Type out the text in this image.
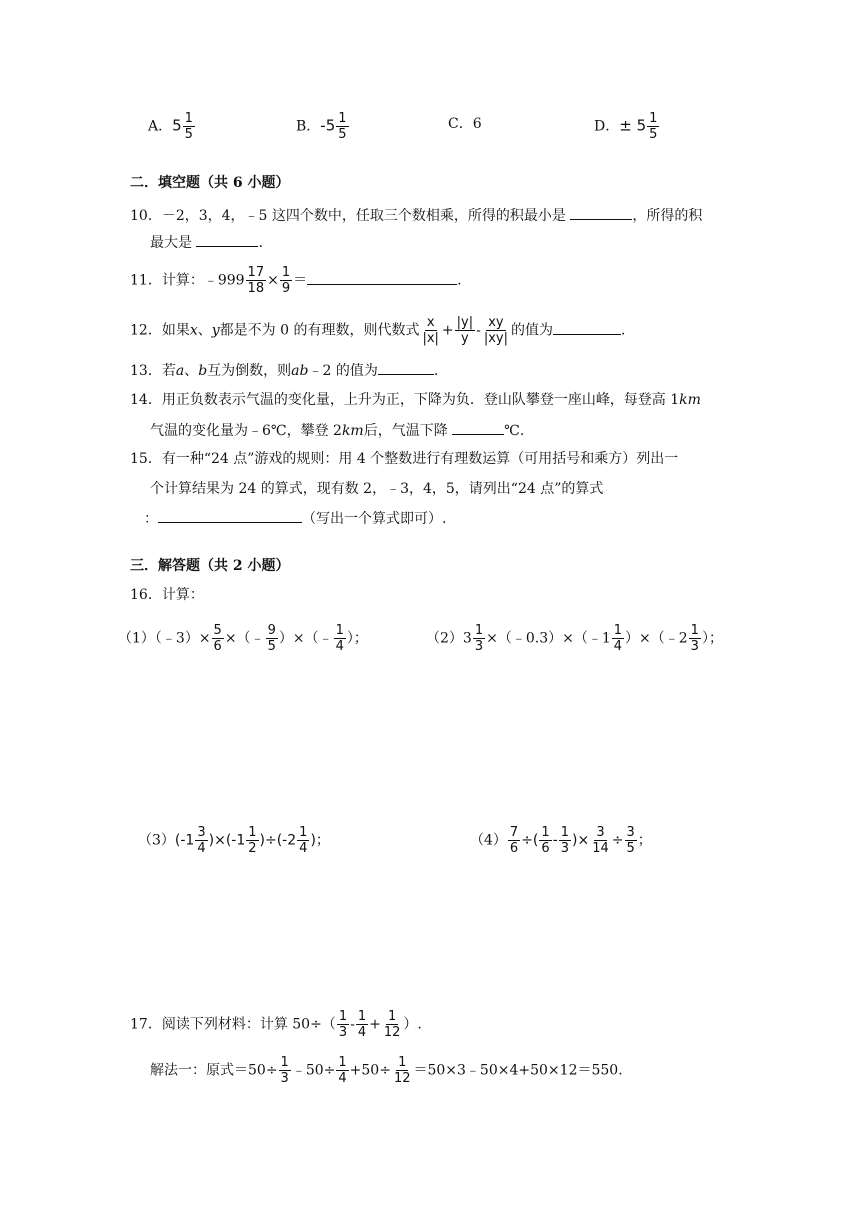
A．$5 \frac{1}{5}$	B．$-5 \frac{1}{5}$	C．6	D．± $5 \frac{1}{5}$
二．填空题（共 6 小题）
10．－2，3，4，﹣5 这四个数中，任取三个数相乘，所得的积最小是	，所得的积
最大是	.
11．计算：﹣999 $\frac{17}{18} \times \frac{1}{9}$ ＝	.
12．如果x、y都是不为 0 的有理数，则代数式 $\frac{x}{|x|} + \frac{|y|}{y} - \frac{xy}{|xy|}$ 的值为	.
13．若a、b互为倒数，则ab﹣2 的值为	.
14．用正负数表示气温的变化量，上升为正，下降为负．登山队攀登一座山峰，每登高 1km
气温的变化量为﹣6℃，攀登 2km后，气温下降	℃.
15．有一种“24 点”游戏的规则：用 4 个整数进行有理数运算（可用括号和乘方）列出一
个计算结果为 24 的算式，现有数 2，﹣3，4，5，请列出“24 点”的算式
：	（写出一个算式即可）.
三．解答题（共 2 小题）
16．计算：
（1）（﹣3）× $\frac{5}{6}$ ×（﹣ $\frac{9}{5}$ ）×（﹣ $\frac{1}{4}$ ）；	$(2)3 \frac{1}{3}$ ×（﹣0.3）×（﹣1 $\frac{1}{4}$ ）×（﹣2 $\frac{1}{3}$ ）；
$(3)(-1 \frac{3}{4} )\times(-1 \frac{1}{2} )\div(-2 \frac{1}{4}$ )；	$(4) \frac{7}{6}$ ÷( $\frac{1}{6} - \frac{1}{3}$ )× $\frac{3}{14} \div \frac{3}{5}$ ；
17．阅读下列材料：计算 $50\div( \frac{1}{3} - \frac{1}{4} + \frac{1}{12}$ ）.
解法一：原式$=50\div \frac{1}{3}$ ﹣50÷ $\frac{1}{4} +50\div \frac{1}{12}$ ＝50×3﹣50×4+50×12＝550.
